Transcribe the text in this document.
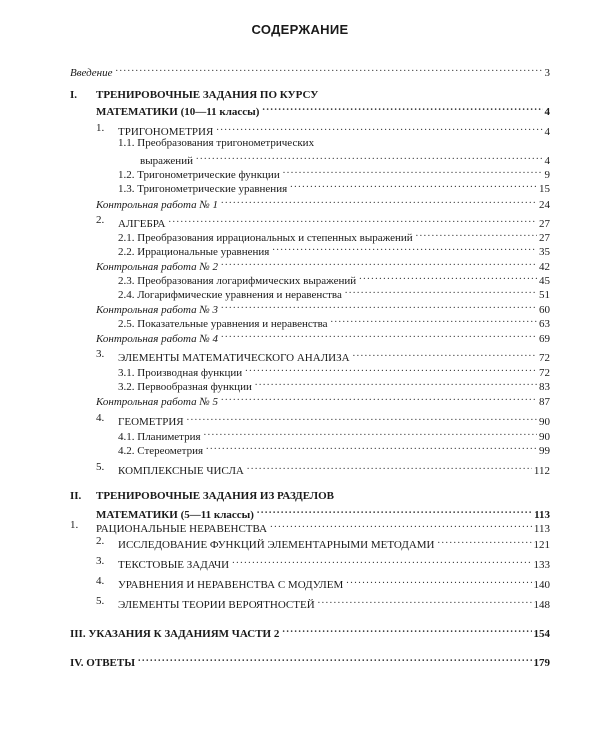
СОДЕРЖАНИЕ
Введение .....	3
I. ТРЕНИРОВОЧНЫЕ ЗАДАНИЯ ПО КУРСУ
МАТЕМАТИКИ (10—11 классы) .....	4
1. ТРИГОНОМЕТРИЯ .....	4
1.1. Преобразования тригонометрических
выражений .....	4
1.2. Тригонометрические функции .....	9
1.3. Тригонометрические уравнения .....	15
Контрольная работа № 1 .....	24
2. АЛГЕБРА .....	27
2.1. Преобразования иррациональных и степенных выражений .....	27
2.2. Иррациональные уравнения .....	35
Контрольная работа № 2 .....	42
2.3. Преобразования логарифмических выражений .....	45
2.4. Логарифмические уравнения и неравенства .....	51
Контрольная работа № 3 .....	60
2.5. Показательные уравнения и неравенства .....	63
Контрольная работа № 4 .....	69
3. ЭЛЕМЕНТЫ МАТЕМАТИЧЕСКОГО АНАЛИЗА .....	72
3.1. Производная функции .....	72
3.2. Первообразная функции .....	83
Контрольная работа № 5 .....	87
4. ГЕОМЕТРИЯ .....	90
4.1. Планиметрия .....	90
4.2. Стереометрия .....	99
5. КОМПЛЕКСНЫЕ ЧИСЛА .....	112
II. ТРЕНИРОВОЧНЫЕ ЗАДАНИЯ ИЗ РАЗДЕЛОВ
МАТЕМАТИКИ (5—11 классы) .....	113
1. РАЦИОНАЛЬНЫЕ НЕРАВЕНСТВА .....	113
2. ИССЛЕДОВАНИЕ ФУНКЦИЙ ЭЛЕМЕНТАРНЫМИ МЕТОДАМИ .....	121
3. ТЕКСТОВЫЕ ЗАДАЧИ .....	133
4. УРАВНЕНИЯ И НЕРАВЕНСТВА С МОДУЛЕМ .....	140
5. ЭЛЕМЕНТЫ ТЕОРИИ ВЕРОЯТНОСТЕЙ .....	148
III. УКАЗАНИЯ К ЗАДАНИЯМ ЧАСТИ 2 .....	154
IV. ОТВЕТЫ .....	179
